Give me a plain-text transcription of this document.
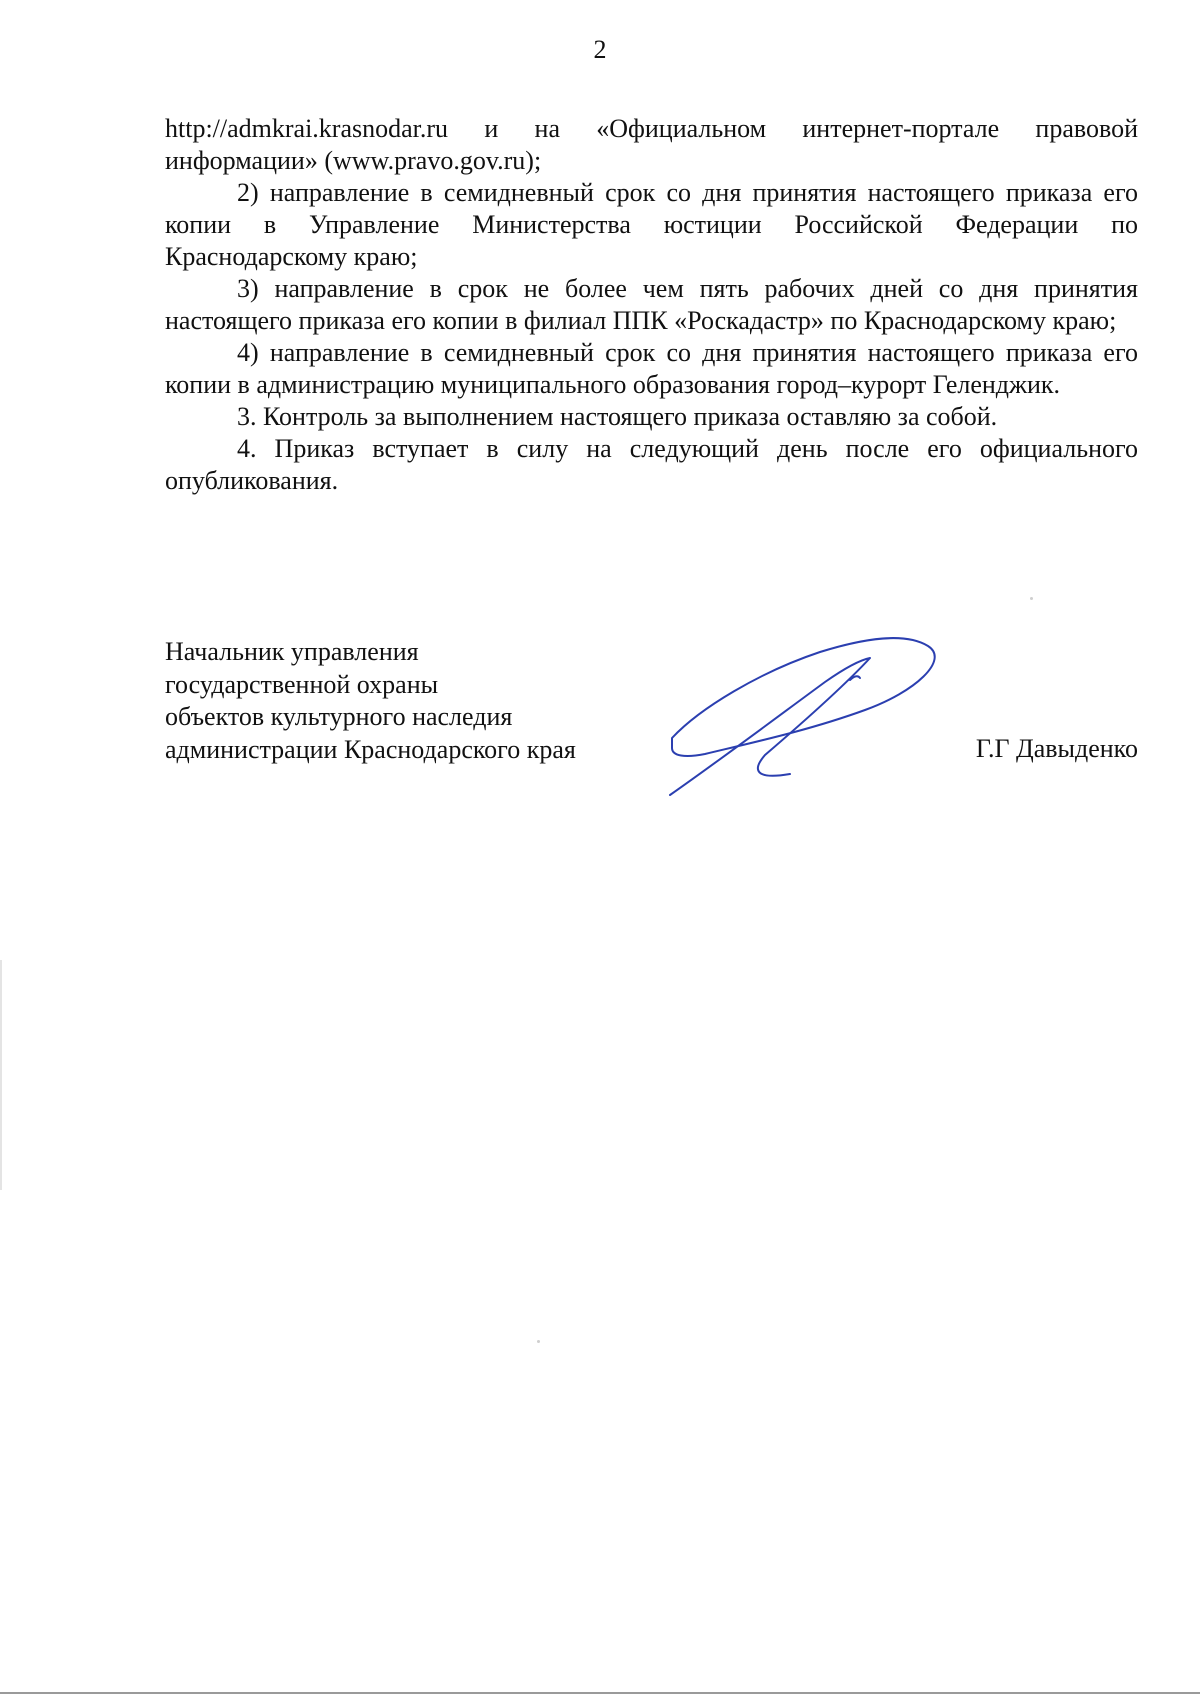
2

http://admkrai.krasnodar.ru и на «Официальном интернет-портале правовой информации» (www.pravo.gov.ru);

2) направление в семидневный срок со дня принятия настоящего приказа его копии в Управление Министерства юстиции Российской Федерации по Краснодарскому краю;

3) направление в срок не более чем пять рабочих дней со дня принятия настоящего приказа его копии в филиал ППК «Роскадастр» по Краснодарскому краю;

4) направление в семидневный срок со дня принятия настоящего приказа его копии в администрацию муниципального образования город–курорт Геленджик.

3. Контроль за выполнением настоящего приказа оставляю за собой.

4. Приказ вступает в силу на следующий день после его официального опубликования.

Начальник управления
государственной охраны
объектов культурного наследия
администрации Краснодарского края	Г.Г Давыденко
